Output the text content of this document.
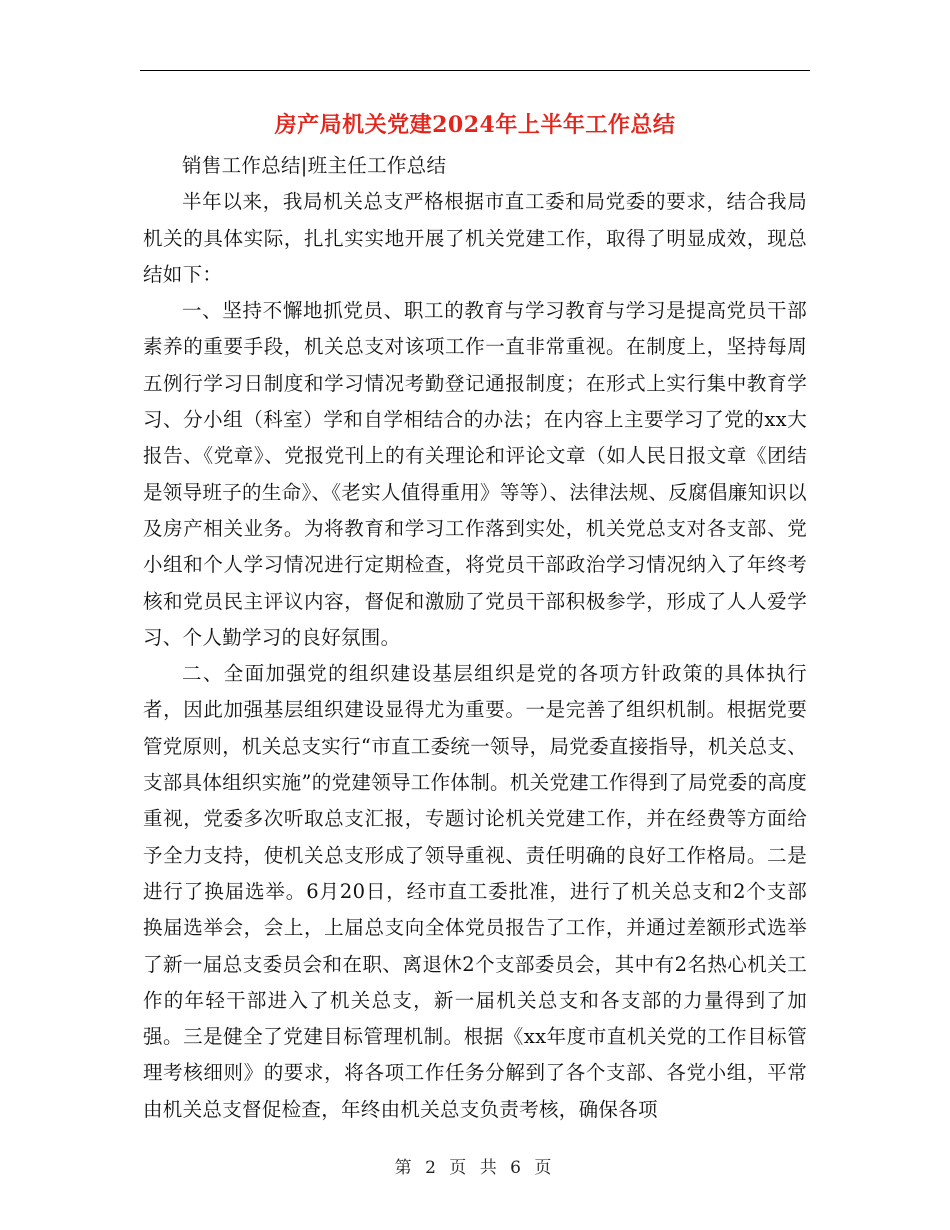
房产局机关党建2024年上半年工作总结

销售工作总结|班主任工作总结

半年以来，我局机关总支严格根据市直工委和局党委的要求，结合我局机关的具体实际，扎扎实实地开展了机关党建工作，取得了明显成效，现总结如下：

一、坚持不懈地抓党员、职工的教育与学习教育与学习是提高党员干部素养的重要手段，机关总支对该项工作一直非常重视。在制度上，坚持每周五例行学习日制度和学习情况考勤登记通报制度；在形式上实行集中教育学习、分小组（科室）学和自学相结合的办法；在内容上主要学习了党的xx大报告、《党章》、党报党刊上的有关理论和评论文章（如人民日报文章《团结是领导班子的生命》、《老实人值得重用》等等）、法律法规、反腐倡廉知识以及房产相关业务。为将教育和学习工作落到实处，机关党总支对各支部、党小组和个人学习情况进行定期检查，将党员干部政治学习情况纳入了年终考核和党员民主评议内容，督促和激励了党员干部积极参学，形成了人人爱学习、个人勤学习的良好氛围。

二、全面加强党的组织建设基层组织是党的各项方针政策的具体执行者，因此加强基层组织建设显得尤为重要。一是完善了组织机制。根据党要管党原则，机关总支实行“市直工委统一领导，局党委直接指导，机关总支、支部具体组织实施”的党建领导工作体制。机关党建工作得到了局党委的高度重视，党委多次听取总支汇报，专题讨论机关党建工作，并在经费等方面给予全力支持，使机关总支形成了领导重视、责任明确的良好工作格局。二是进行了换届选举。6月20日，经市直工委批准，进行了机关总支和2个支部换届选举会，会上，上届总支向全体党员报告了工作，并通过差额形式选举了新一届总支委员会和在职、离退休2个支部委员会，其中有2名热心机关工作的年轻干部进入了机关总支，新一届机关总支和各支部的力量得到了加强。三是健全了党建目标管理机制。根据《xx年度市直机关党的工作目标管理考核细则》的要求，将各项工作任务分解到了各个支部、各党小组，平常由机关总支督促检查，年终由机关总支负责考核，确保各项

第 2 页 共 6 页
